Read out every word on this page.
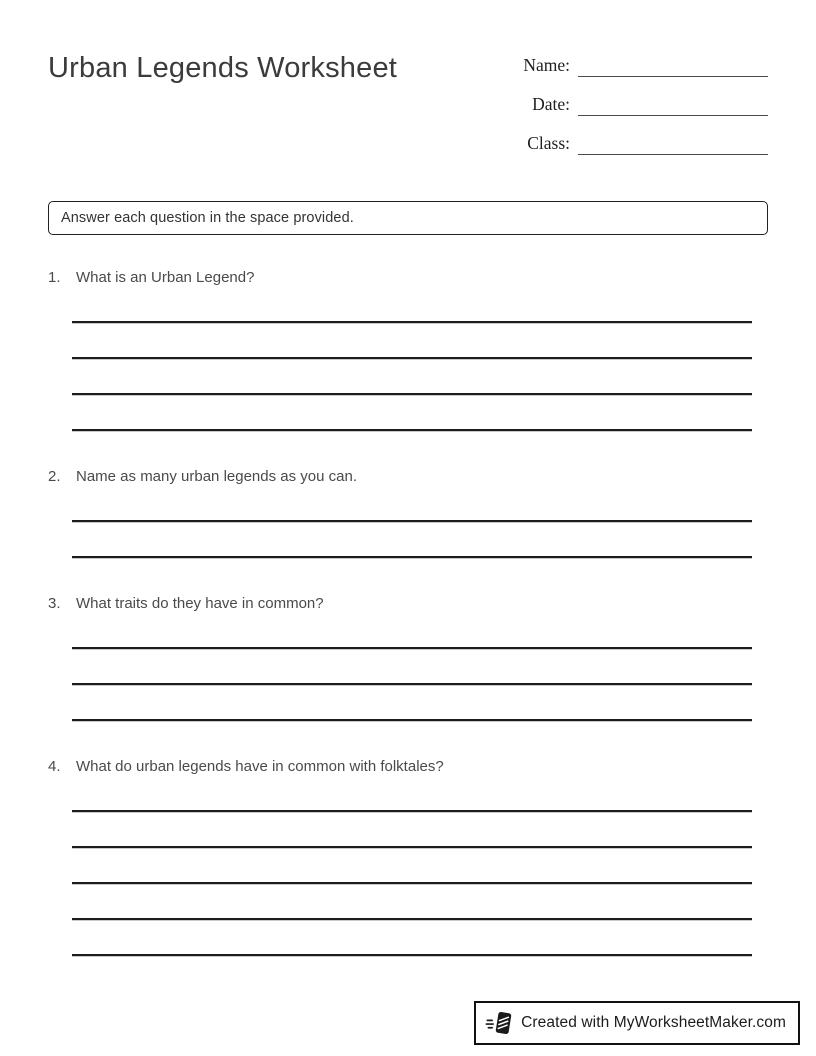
Urban Legends Worksheet	Name:
Date:
Class:
Answer each question in the space provided.
1.	What is an Urban Legend?
2.	Name as many urban legends as you can.
3.	What traits do they have in common?
4.	What do urban legends have in common with folktales?
Created with MyWorksheetMaker.com
